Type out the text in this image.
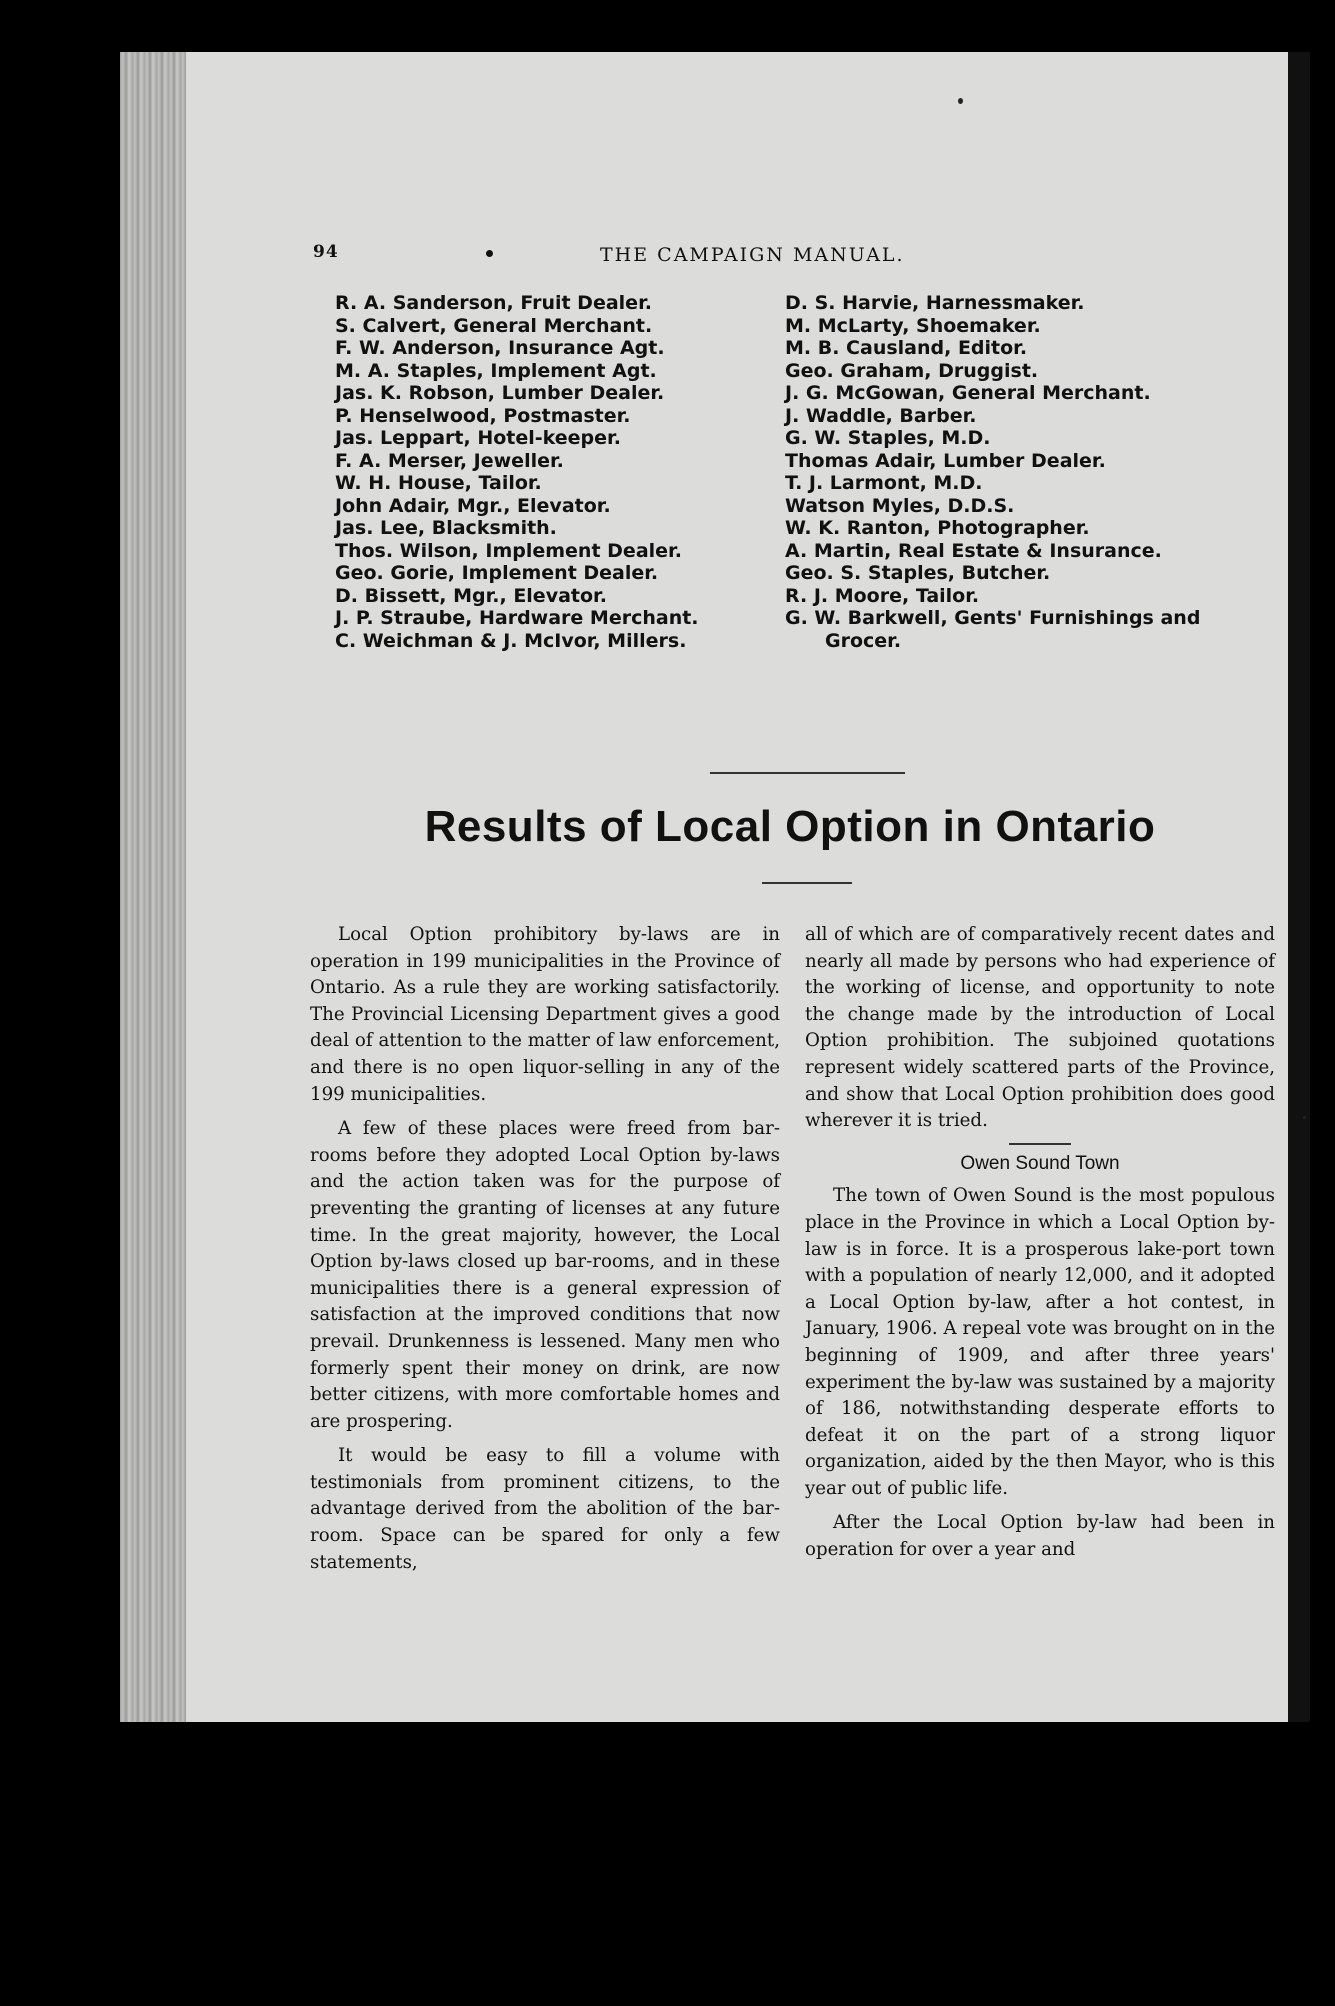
94	THE CAMPAIGN MANUAL.
R. A. Sanderson, Fruit Dealer.
S. Calvert, General Merchant.
F. W. Anderson, Insurance Agt.
M. A. Staples, Implement Agt.
Jas. K. Robson, Lumber Dealer.
P. Henselwood, Postmaster.
Jas. Leppart, Hotel-keeper.
F. A. Merser, Jeweller.
W. H. House, Tailor.
John Adair, Mgr., Elevator.
Jas. Lee, Blacksmith.
Thos. Wilson, Implement Dealer.
Geo. Gorie, Implement Dealer.
D. Bissett, Mgr., Elevator.
J. P. Straube, Hardware Merchant.
C. Weichman & J. McIvor, Millers.
D. S. Harvie, Harnessmaker.
M. McLarty, Shoemaker.
M. B. Causland, Editor.
Geo. Graham, Druggist.
J. G. McGowan, General Merchant.
J. Waddle, Barber.
G. W. Staples, M.D.
Thomas Adair, Lumber Dealer.
T. J. Larmont, M.D.
Watson Myles, D.D.S.
W. K. Ranton, Photographer.
A. Martin, Real Estate & Insurance.
Geo. S. Staples, Butcher.
R. J. Moore, Tailor.
G. W. Barkwell, Gents' Furnishings and Grocer.
Results of Local Option in Ontario

Local Option prohibitory by-laws are in operation in 199 municipalities in the Province of Ontario. As a rule they are working satisfactorily. The Provincial Licensing Department gives a good deal of attention to the matter of law enforcement, and there is no open liquor-selling in any of the 199 municipalities.

A few of these places were freed from bar-rooms before they adopted Local Option by-laws and the action taken was for the purpose of preventing the granting of licenses at any future time. In the great majority, however, the Local Option by-laws closed up bar-rooms, and in these municipalities there is a general expression of satisfaction at the improved conditions that now prevail. Drunkenness is lessened. Many men who formerly spent their money on drink, are now better citizens, with more comfortable homes and are prospering.

It would be easy to fill a volume with testimonials from prominent citizens, to the advantage derived from the abolition of the bar-room. Space can be spared for only a few statements,

all of which are of comparatively recent dates and nearly all made by persons who had experience of the working of license, and opportunity to note the change made by the introduction of Local Option prohibition. The subjoined quotations represent widely scattered parts of the Province, and show that Local Option prohibition does good wherever it is tried.

Owen Sound Town

The town of Owen Sound is the most populous place in the Province in which a Local Option by-law is in force. It is a prosperous lake-port town with a population of nearly 12,000, and it adopted a Local Option by-law, after a hot contest, in January, 1906. A repeal vote was brought on in the beginning of 1909, and after three years' experiment the by-law was sustained by a majority of 186, notwithstanding desperate efforts to defeat it on the part of a strong liquor organization, aided by the then Mayor, who is this year out of public life.

After the Local Option by-law had been in operation for over a year and
